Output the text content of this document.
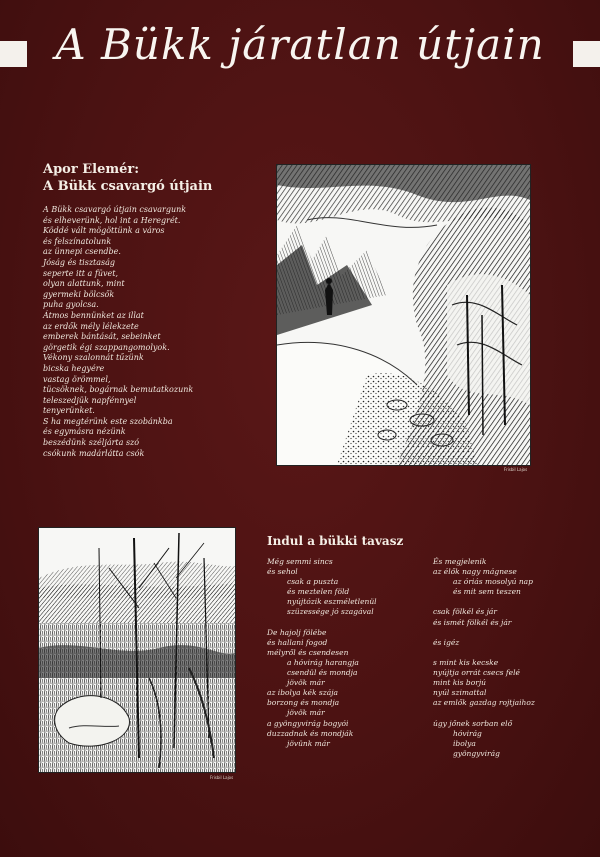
A Bükk járatlan útjain
Apor Elemér:
A Bükk csavargó útjain
A Bükk csavargó útjain csavargunk
és elheverünk, hol int a Heregrét.
Köddé vált mögöttünk a város
és felszínatolunk
az ünnepi csendbe.
Jóság és tisztaság
seperte itt a füvet,
olyan alattunk, mint
gyermeki bölcsők
puha gyolcsa.
Átmos bennünket az illat
az erdők mély lélekzete
emberek bántását, sebeinket
görgetik égi szappangomolyok.
Vékony szalonnát tűzünk
bicska hegyére
vastag örömmel,
tücsöknek, bogárnak bemutatkozunk
teleszedjük napfénnyel
tenyerünket.
S ha megtérünk este szobánkba
és egymásra nézünk
beszédünk széljárta szó
csókunk madárlátta csók
Frisbil Lajos
Frisbil Lajos
Indul a bükki tavasz
Még semmi sincs
és sehol
csak a puszta
és meztelen föld
nyújtózik eszméletlenül
szüzessége jó szagával
De hajolj fölébe
és hallani fogod
mélyről és csendesen
a hóvirág harangja
csendül és mondja
jövök már
az ibolya kék szája
borzong és mondja
jövök már
a gyöngyvirág bogyói
duzzadnak és mondják
jövünk már
És megjelenik
az élők nagy mágnese
az óriás mosolyú nap
és mit sem teszen
csak fölkél és jár
és ismét fölkél és jár
és igéz
s mint kis kecske
nyújtja orrát csecs felé
mint kis borjú
nyúl szimattal
az emlők gazdag rojtjaihoz
úgy jőnek sorban elő
hóvirág
ibolya
gyöngyvirág
